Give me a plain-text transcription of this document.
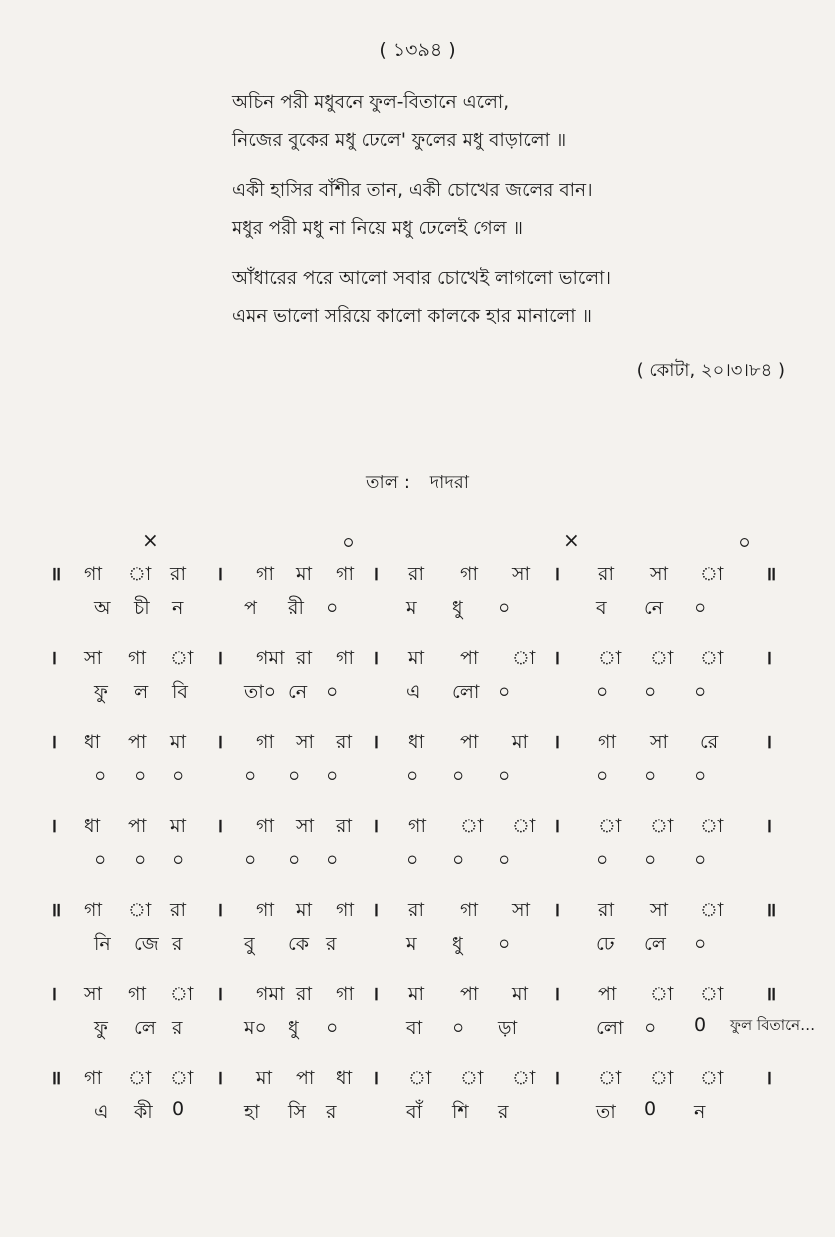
( ১৩৯৪ )
অচিন পরী মধুবনে ফুল-বিতানে এলো,
নিজের বুকের মধু ঢেলে' ফুলের মধু বাড়ালো ॥
একী হাসির বাঁশীর তান, একী চোখের জলের বান।
মধুর পরী মধু না নিয়ে মধু ঢেলেই গেল ॥
আঁধারের পরে আলো সবার চোখেই লাগলো ভালো।
এমন ভালো সরিয়ে কালো কালকে হার মানালো ॥
( কোটা, ২০।৩।৮৪ )
তাল : দাদরা
×	০	×	০
॥ গা া রা । গা মা গা । রা গা সা । রা সা া ॥
অ চী ন	প রী ০	ম ধু ০	ব নে ০
। সা গা া । গমা রা গা । মা পা া । া া া ।
ফু ল বি	তা০ নে ০	এ লো ০	০ ০ ০
। ধা পা মা । গা সা রা । ধা পা মা । গা সা রে ।
০ ০ ০	০ ০ ০	০ ০ ০	০ ০ ০
। ধা পা মা । গা সা রা । গা া া । া া া ।
০ ০ ০	০ ০ ০	০ ০ ০	০ ০ ০
॥ গা া রা । গা মা গা । রা গা সা । রা সা া ॥
নি জে র	বু কে র	ম ধু ০	ঢে লে ০
। সা গা া । গমা রা গা । মা পা মা । পা া া ॥
ফু লে র	ম০ ধু ০	বা ০ ড়া	লো ০ 0 ফুল বিতানে…
॥ গা া া । মা পা ধা । া া া । া া া ।
এ কী 0	হা সি র	বাঁ শি র	তা 0 ন
